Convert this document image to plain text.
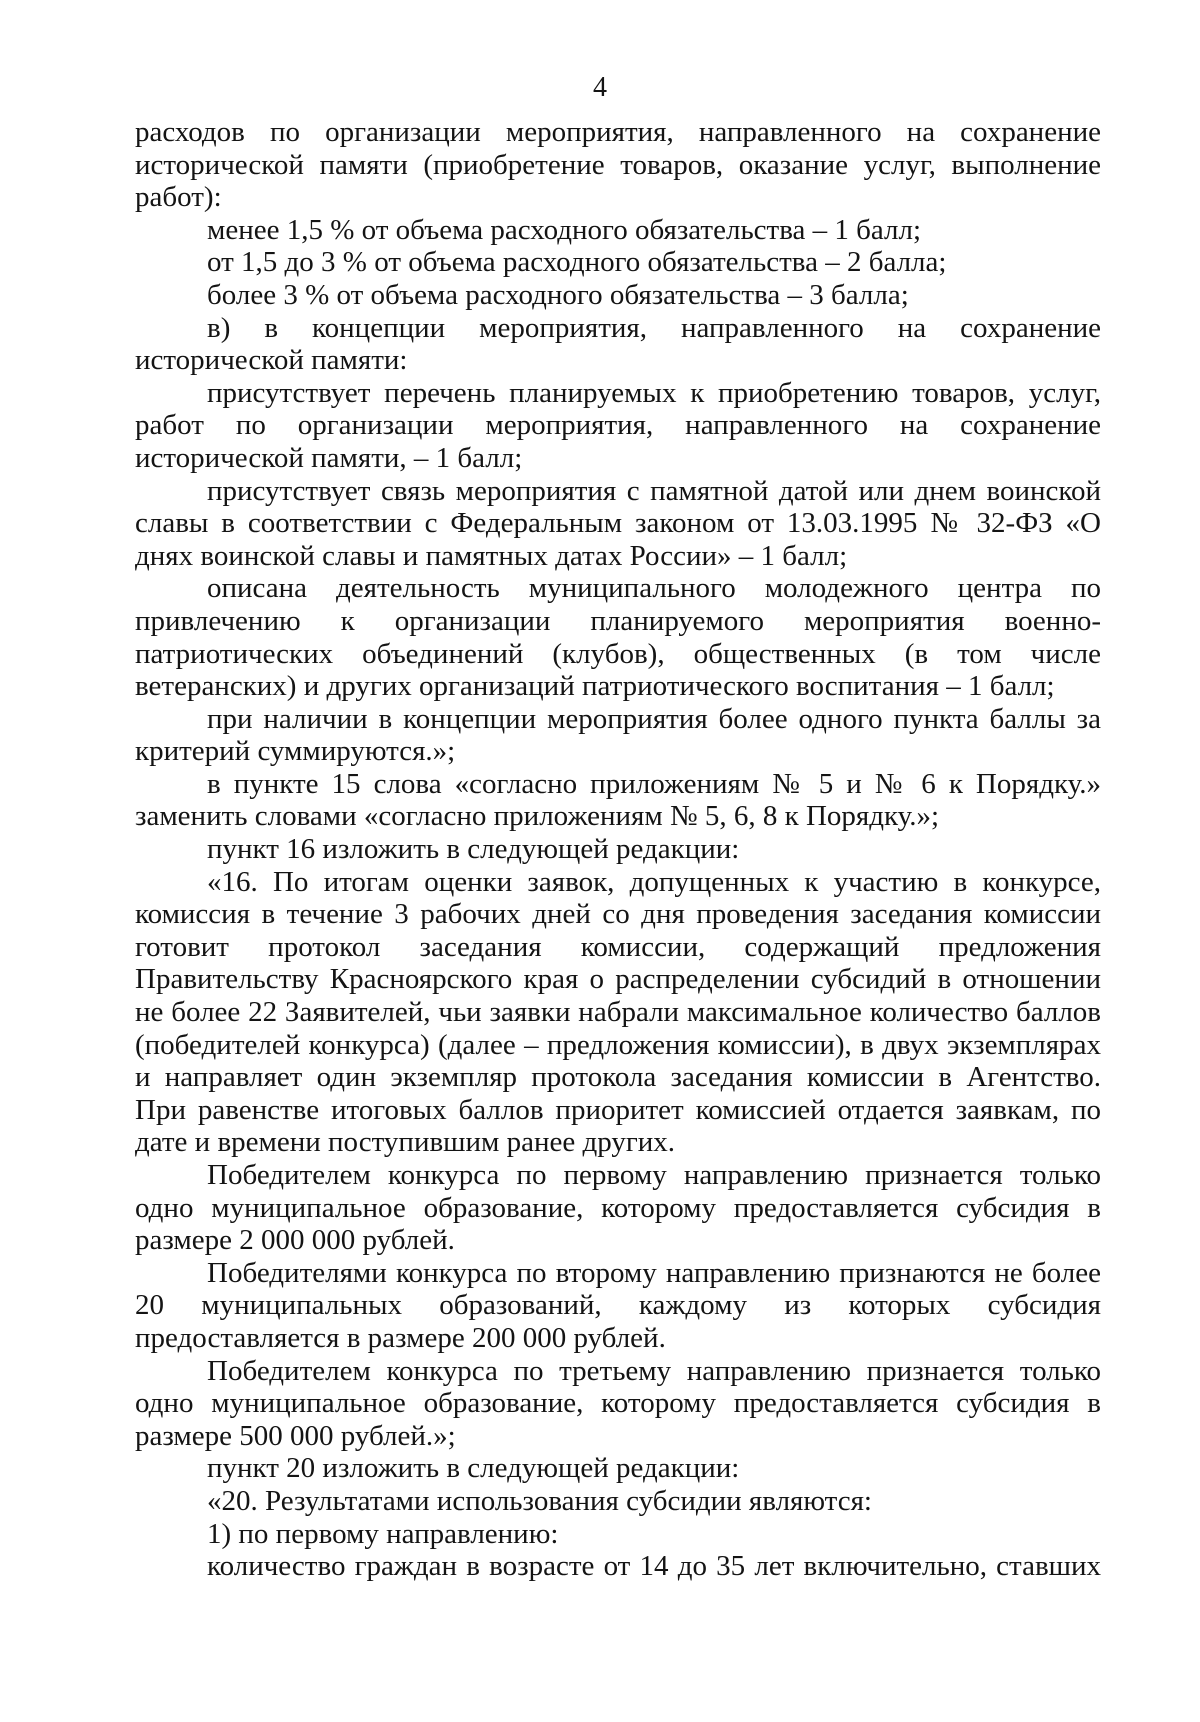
4

расходов по организации мероприятия, направленного на сохранение исторической памяти (приобретение товаров, оказание услуг, выполнение работ):

менее 1,5 % от объема расходного обязательства – 1 балл;

от 1,5 до 3 % от объема расходного обязательства – 2 балла;

более 3 % от объема расходного обязательства – 3 балла;

в) в концепции мероприятия, направленного на сохранение исторической памяти:

присутствует перечень планируемых к приобретению товаров, услуг, работ по организации мероприятия, направленного на сохранение исторической памяти, – 1 балл;

присутствует связь мероприятия с памятной датой или днем воинской славы в соответствии с Федеральным законом от 13.03.1995 № 32-ФЗ «О днях воинской славы и памятных датах России» – 1 балл;

описана деятельность муниципального молодежного центра по привлечению к организации планируемого мероприятия военно-патриотических объединений (клубов), общественных (в том числе ветеранских) и других организаций патриотического воспитания – 1 балл;

при наличии в концепции мероприятия более одного пункта баллы за критерий суммируются.»;

в пункте 15 слова «согласно приложениям № 5 и № 6 к Порядку.» заменить словами «согласно приложениям № 5, 6, 8 к Порядку.»;

пункт 16 изложить в следующей редакции:

«16. По итогам оценки заявок, допущенных к участию в конкурсе, комиссия в течение 3 рабочих дней со дня проведения заседания комиссии готовит протокол заседания комиссии, содержащий предложения Правительству Красноярского края о распределении субсидий в отношении не более 22 Заявителей, чьи заявки набрали максимальное количество баллов (победителей конкурса) (далее – предложения комиссии), в двух экземплярах и направляет один экземпляр протокола заседания комиссии в Агентство. При равенстве итоговых баллов приоритет комиссией отдается заявкам, по дате и времени поступившим ранее других.

Победителем конкурса по первому направлению признается только одно муниципальное образование, которому предоставляется субсидия в размере 2 000 000 рублей.

Победителями конкурса по второму направлению признаются не более 20 муниципальных образований, каждому из которых субсидия предоставляется в размере 200 000 рублей.

Победителем конкурса по третьему направлению признается только одно муниципальное образование, которому предоставляется субсидия в размере 500 000 рублей.»;

пункт 20 изложить в следующей редакции:

«20. Результатами использования субсидии являются:

1) по первому направлению:

количество граждан в возрасте от 14 до 35 лет включительно, ставших
